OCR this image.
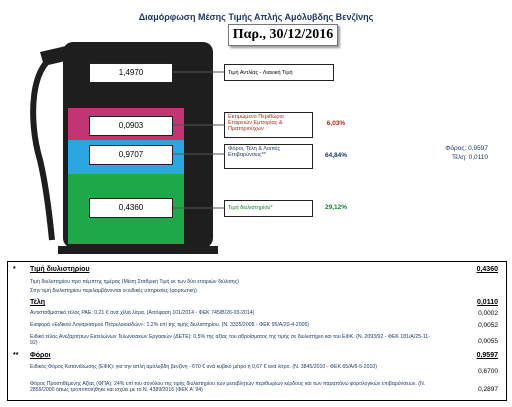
Διαμόρφωση Μέσης Τιμής Απλής Αμόλυβδης Βενζίνης
Παρ., 30/12/2016
1,4970
0,0903
0,9707
0,4360
Τιμή Αντλίας - Λιανική Τιμή
Εκτιμώμενο Περιθώριο Εταιρειών Εμπορίας & Πρατηριούχων
6,03%
Φόροι, Τέλη & Λοιπές Επιβαρύνσεις**	64,84%
Τιμή διυλιστηρίου*	29,12%
Φόρος: 0,9597
Τέλη: 0,0110
* Τιμή διυλιστηρίου	0,4360
Τιμή διυλιστηρίου προ πέμπτης ημέρας (Μέση Σταθμική Τιμή εκ των δύο εταιριών διύλισης)
Στην τιμή διυλιστηρίου περιλαμβάνονται οι ειδικές υπηρεσίες (φορτωτική)
Τέλη	0,0110
Αντισταθμιστικό τέλος ΡΑΕ: 0,21 € ανά χίλια λίτρα. (Απόφαση 101/2014 - ΦΕΚ 745/Β/26-03-2014)	0,0002
Εισφορά «Ειδικού Λογαριασμού Πετρελαιοειδών»: 1,2% επί της τιμής διυλιστηρίου. (Ν. 3335/2005 - ΦΕΚ 95/Α/20-4-2005)	0,0052
Ειδικό τέλος Ανεξαρτήτων Εκτελώνων Τελωνειακών Εργασιών (ΔΕΤΕ): 0,5% της αξίας του αθροίσματος της τιμής σε διυλιστήριο και του ΕΦΚ. (Ν. 2093/92 - ΦΕΚ 181/Α/25-11-92)	0,0055
** Φόροι	0,9597
Ειδικός Φόρος Κατανάλωσης (ΕΦΚ): για την απλή αμόλυβδη βενζίνη - 670 € ανά κυβικό μέτρο ή 0,67 € ανά λίτρο. (Ν. 3845/2010 - ΦΕΚ 65/Α/6-5-2010)
0,6700
Φόρος Προστιθέμενης Αξίας (ΦΠΑ): 24% επί του συνόλου της τιμής διυλιστηρίου των μεταβλητών περιθωρίων κέρδους και των παραπάνω φορολογικών επιβαρύνσεων. (Ν. 2859/2000 όπως τροποποιήθηκε και ισχύει με το Ν. 4389/2016 (ΦΕΚ Α' 94)	0,2897
